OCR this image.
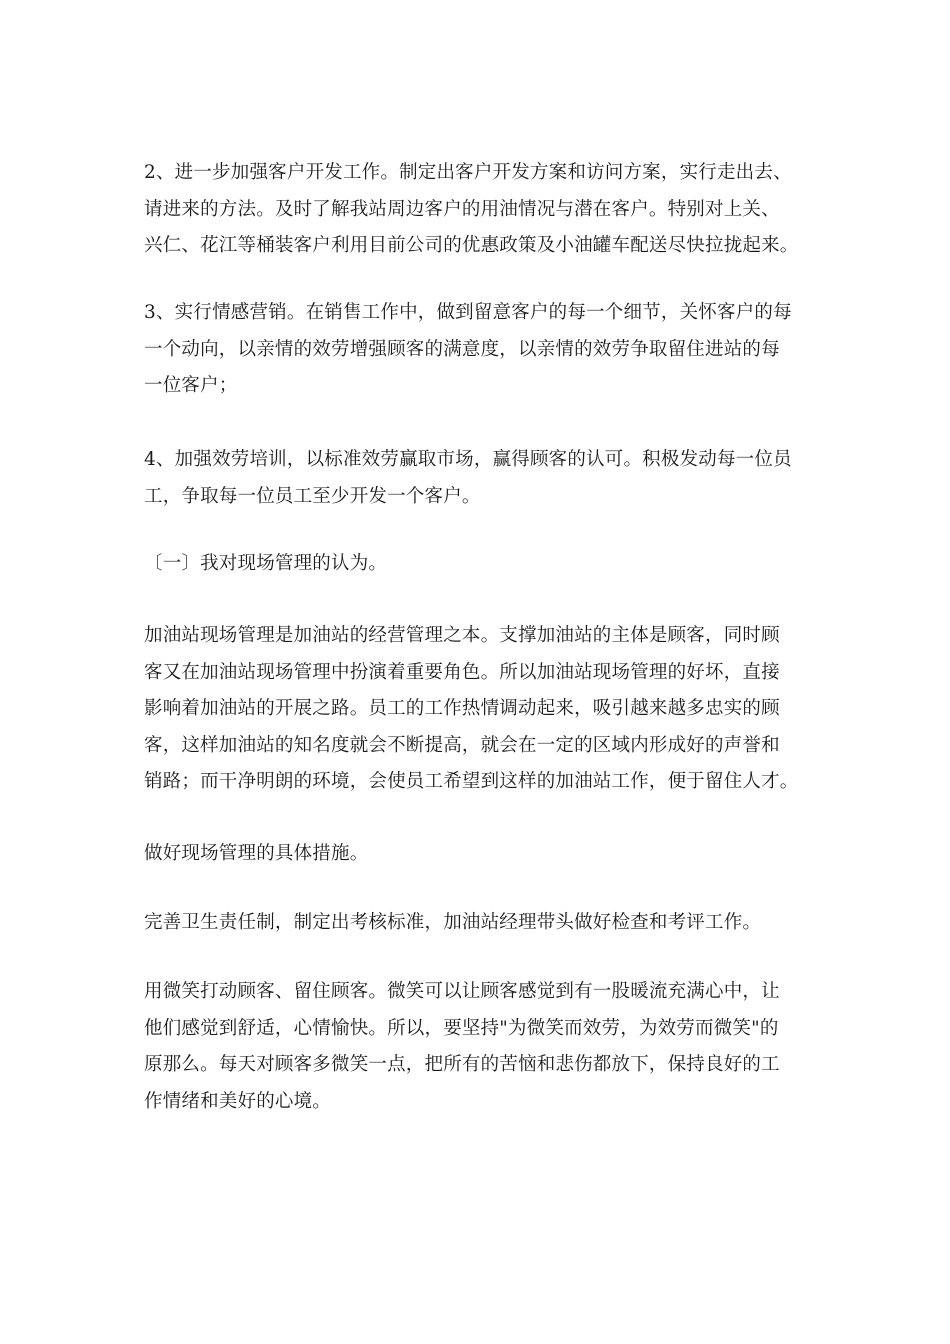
2、进一步加强客户开发工作。制定出客户开发方案和访问方案，实行走出去、
请进来的方法。及时了解我站周边客户的用油情况与潜在客户。特别对上关、
兴仁、花江等桶装客户利用目前公司的优惠政策及小油罐车配送尽快拉拢起来。

3、实行情感营销。在销售工作中，做到留意客户的每一个细节，关怀客户的每
一个动向，以亲情的效劳增强顾客的满意度，以亲情的效劳争取留住进站的每
一位客户；

4、加强效劳培训，以标准效劳赢取市场，赢得顾客的认可。积极发动每一位员
工，争取每一位员工至少开发一个客户。

〔一〕我对现场管理的认为。

加油站现场管理是加油站的经营管理之本。支撑加油站的主体是顾客，同时顾
客又在加油站现场管理中扮演着重要角色。所以加油站现场管理的好坏，直接
影响着加油站的开展之路。员工的工作热情调动起来，吸引越来越多忠实的顾
客，这样加油站的知名度就会不断提高，就会在一定的区域内形成好的声誉和
销路；而干净明朗的环境，会使员工希望到这样的加油站工作，便于留住人才。

做好现场管理的具体措施。

完善卫生责任制，制定出考核标准，加油站经理带头做好检查和考评工作。

用微笑打动顾客、留住顾客。微笑可以让顾客感觉到有一股暖流充满心中，让
他们感觉到舒适，心情愉快。所以，要坚持"为微笑而效劳，为效劳而微笑"的
原那么。每天对顾客多微笑一点，把所有的苦恼和悲伤都放下，保持良好的工
作情绪和美好的心境。
